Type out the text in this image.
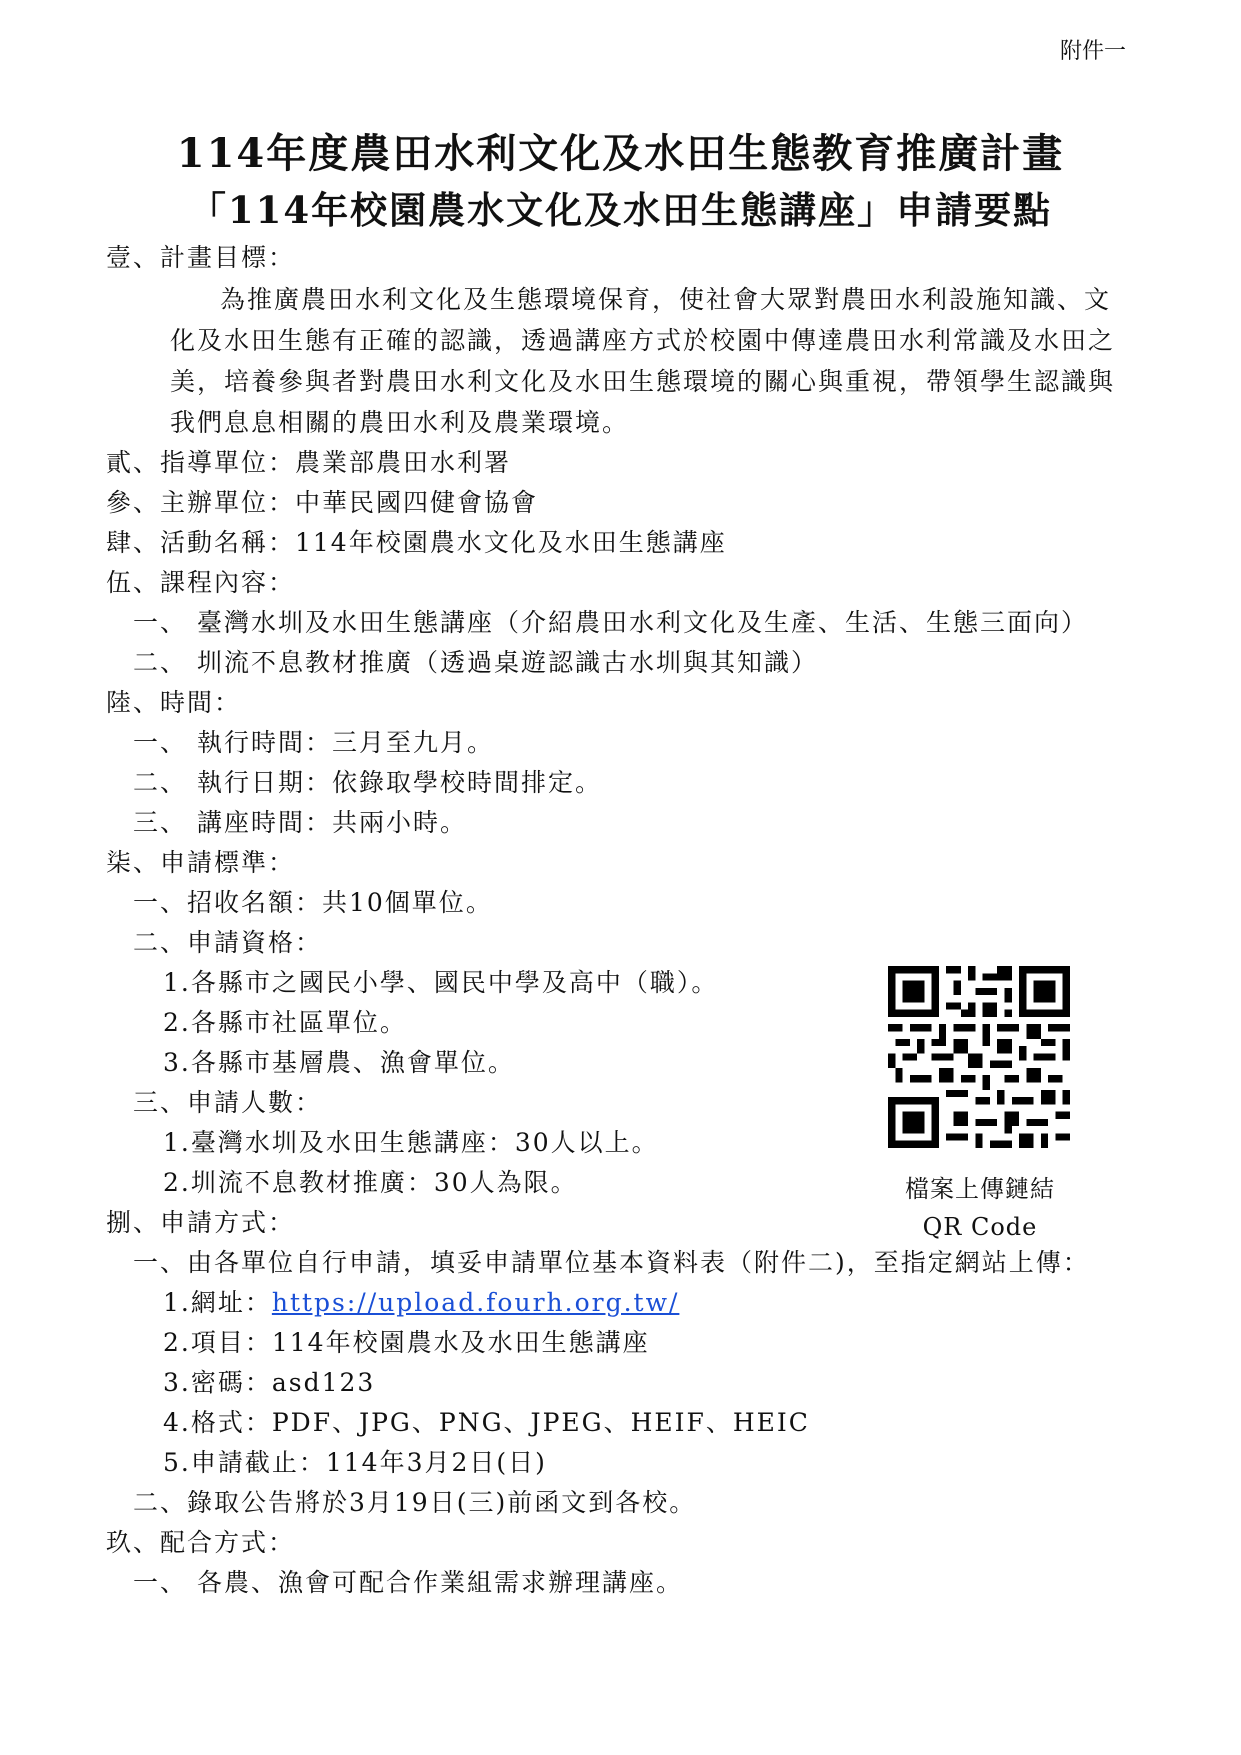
附件一
114年度農田水利文化及水田生態教育推廣計畫
「114年校園農水文化及水田生態講座」申請要點
壹、計畫目標：
為推廣農田水利文化及生態環境保育，使社會大眾對農田水利設施知識、文
化及水田生態有正確的認識，透過講座方式於校園中傳達農田水利常識及水田之
美，培養參與者對農田水利文化及水田生態環境的關心與重視，帶領學生認識與
我們息息相關的農田水利及農業環境。
貳、指導單位：農業部農田水利署
參、主辦單位：中華民國四健會協會
肆、活動名稱：114年校園農水文化及水田生態講座
伍、課程內容：
一、 臺灣水圳及水田生態講座（介紹農田水利文化及生產、生活、生態三面向）
二、 圳流不息教材推廣（透過桌遊認識古水圳與其知識）
陸、時間：
一、 執行時間：三月至九月。
二、 執行日期：依錄取學校時間排定。
三、 講座時間：共兩小時。
柒、申請標準：
一、招收名額：共10個單位。
二、申請資格：
1.各縣市之國民小學、國民中學及高中（職）。
2.各縣市社區單位。
3.各縣市基層農、漁會單位。
三、申請人數：
1.臺灣水圳及水田生態講座：30人以上。
2.圳流不息教材推廣：30人為限。	檔案上傳鏈結
QR Code
捌、申請方式：
一、由各單位自行申請，填妥申請單位基本資料表（附件二)，至指定網站上傳：
1.網址：https://upload.fourh.org.tw/
2.項目：114年校園農水及水田生態講座
3.密碼：asd123
4.格式：PDF、JPG、PNG、JPEG、HEIF、HEIC
5.申請截止：114年3月2日(日)
二、錄取公告將於3月19日(三)前函文到各校。
玖、配合方式：
一、 各農、漁會可配合作業組需求辦理講座。
